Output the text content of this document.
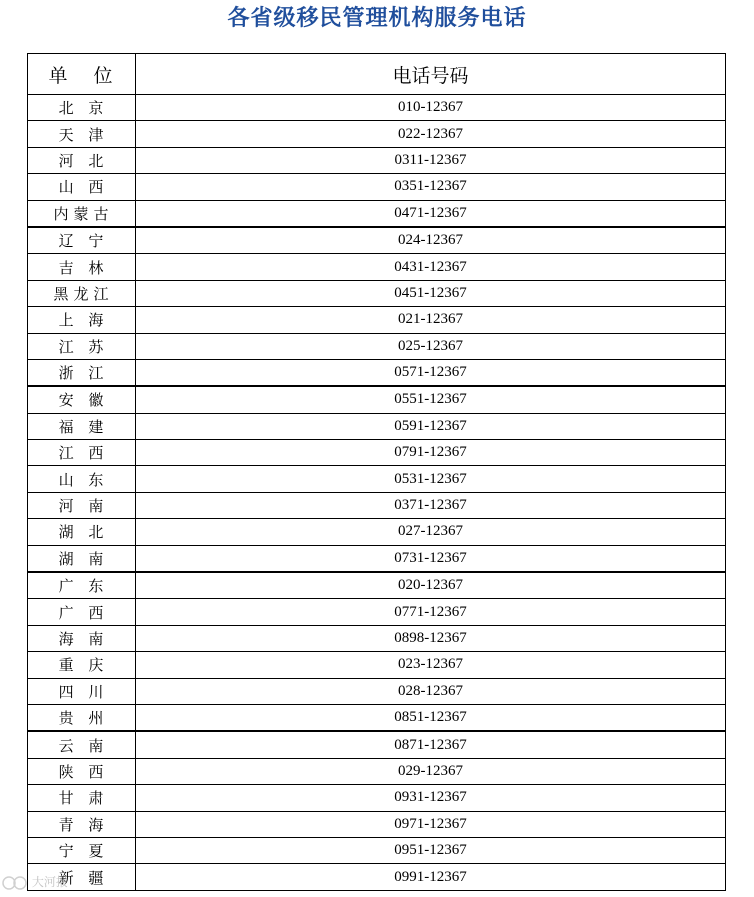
各省级移民管理机构服务电话
单 位	电话号码
北 京	010-12367
天 津	022-12367
河 北	0311-12367
山 西	0351-12367
内蒙古	0471-12367
辽 宁	024-12367
吉 林	0431-12367
黑龙江	0451-12367
上 海	021-12367
江 苏	025-12367
浙 江	0571-12367
安 徽	0551-12367
福 建	0591-12367
江 西	0791-12367
山 东	0531-12367
河 南	0371-12367
湖 北	027-12367
湖 南	0731-12367
广 东	020-12367
广 西	0771-12367
海 南	0898-12367
重 庆	023-12367
四 川	028-12367
贵 州	0851-12367
云 南	0871-12367
陕 西	029-12367
甘 肃	0931-12367
青 海	0971-12367
宁 夏	0951-12367
新 疆	0991-12367
大河报
